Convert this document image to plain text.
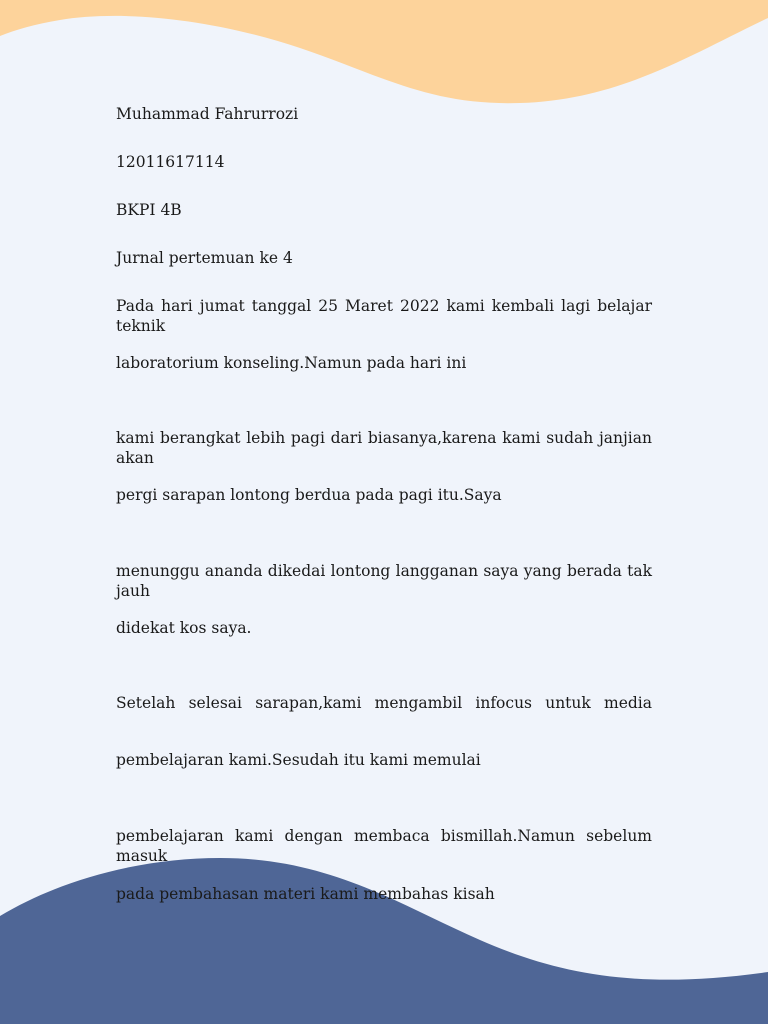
Muhammad Fahrurrozi

12011617114

BKPI 4B

Jurnal pertemuan ke 4

Pada hari jumat tanggal 25 Maret 2022 kami kembali lagi belajar teknik

laboratorium konseling.Namun pada hari ini

kami berangkat lebih pagi dari biasanya,karena kami sudah janjian akan

pergi sarapan lontong berdua pada pagi itu.Saya

menunggu ananda dikedai lontong langganan saya yang berada tak jauh

didekat kos saya.

Setelah selesai sarapan,kami mengambil infocus untuk media

pembelajaran kami.Sesudah itu kami memulai

pembelajaran kami dengan membaca bismillah.Namun sebelum masuk

pada pembahasan materi kami membahas kisah
